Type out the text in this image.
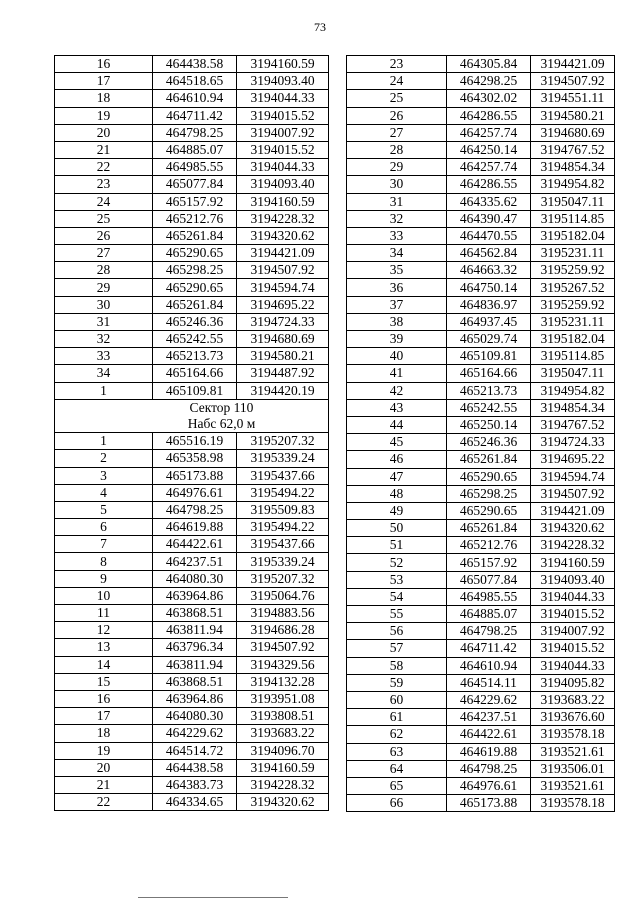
73
16	464438.58	3194160.59
17	464518.65	3194093.40
18	464610.94	3194044.33
19	464711.42	3194015.52
20	464798.25	3194007.92
21	464885.07	3194015.52
22	464985.55	3194044.33
23	465077.84	3194093.40
24	465157.92	3194160.59
25	465212.76	3194228.32
26	465261.84	3194320.62
27	465290.65	3194421.09
28	465298.25	3194507.92
29	465290.65	3194594.74
30	465261.84	3194695.22
31	465246.36	3194724.33
32	465242.55	3194680.69
33	465213.73	3194580.21
34	465164.66	3194487.92
1	465109.81	3194420.19
Сектор 110		
Набс 62,0 м		
1	465516.19	3195207.32
2	465358.98	3195339.24
3	465173.88	3195437.66
4	464976.61	3195494.22
5	464798.25	3195509.83
6	464619.88	3195494.22
7	464422.61	3195437.66
8	464237.51	3195339.24
9	464080.30	3195207.32
10	463964.86	3195064.76
11	463868.51	3194883.56
12	463811.94	3194686.28
13	463796.34	3194507.92
14	463811.94	3194329.56
15	463868.51	3194132.28
16	463964.86	3193951.08
17	464080.30	3193808.51
18	464229.62	3193683.22
19	464514.72	3194096.70
20	464438.58	3194160.59
21	464383.73	3194228.32
22	464334.65	3194320.62
23	464305.84	3194421.09
24	464298.25	3194507.92
25	464302.02	3194551.11
26	464286.55	3194580.21
27	464257.74	3194680.69
28	464250.14	3194767.52
29	464257.74	3194854.34
30	464286.55	3194954.82
31	464335.62	3195047.11
32	464390.47	3195114.85
33	464470.55	3195182.04
34	464562.84	3195231.11
35	464663.32	3195259.92
36	464750.14	3195267.52
37	464836.97	3195259.92
38	464937.45	3195231.11
39	465029.74	3195182.04
40	465109.81	3195114.85
41	465164.66	3195047.11
42	465213.73	3194954.82
43	465242.55	3194854.34
44	465250.14	3194767.52
45	465246.36	3194724.33
46	465261.84	3194695.22
47	465290.65	3194594.74
48	465298.25	3194507.92
49	465290.65	3194421.09
50	465261.84	3194320.62
51	465212.76	3194228.32
52	465157.92	3194160.59
53	465077.84	3194093.40
54	464985.55	3194044.33
55	464885.07	3194015.52
56	464798.25	3194007.92
57	464711.42	3194015.52
58	464610.94	3194044.33
59	464514.11	3194095.82
60	464229.62	3193683.22
61	464237.51	3193676.60
62	464422.61	3193578.18
63	464619.88	3193521.61
64	464798.25	3193506.01
65	464976.61	3193521.61
66	465173.88	3193578.18
